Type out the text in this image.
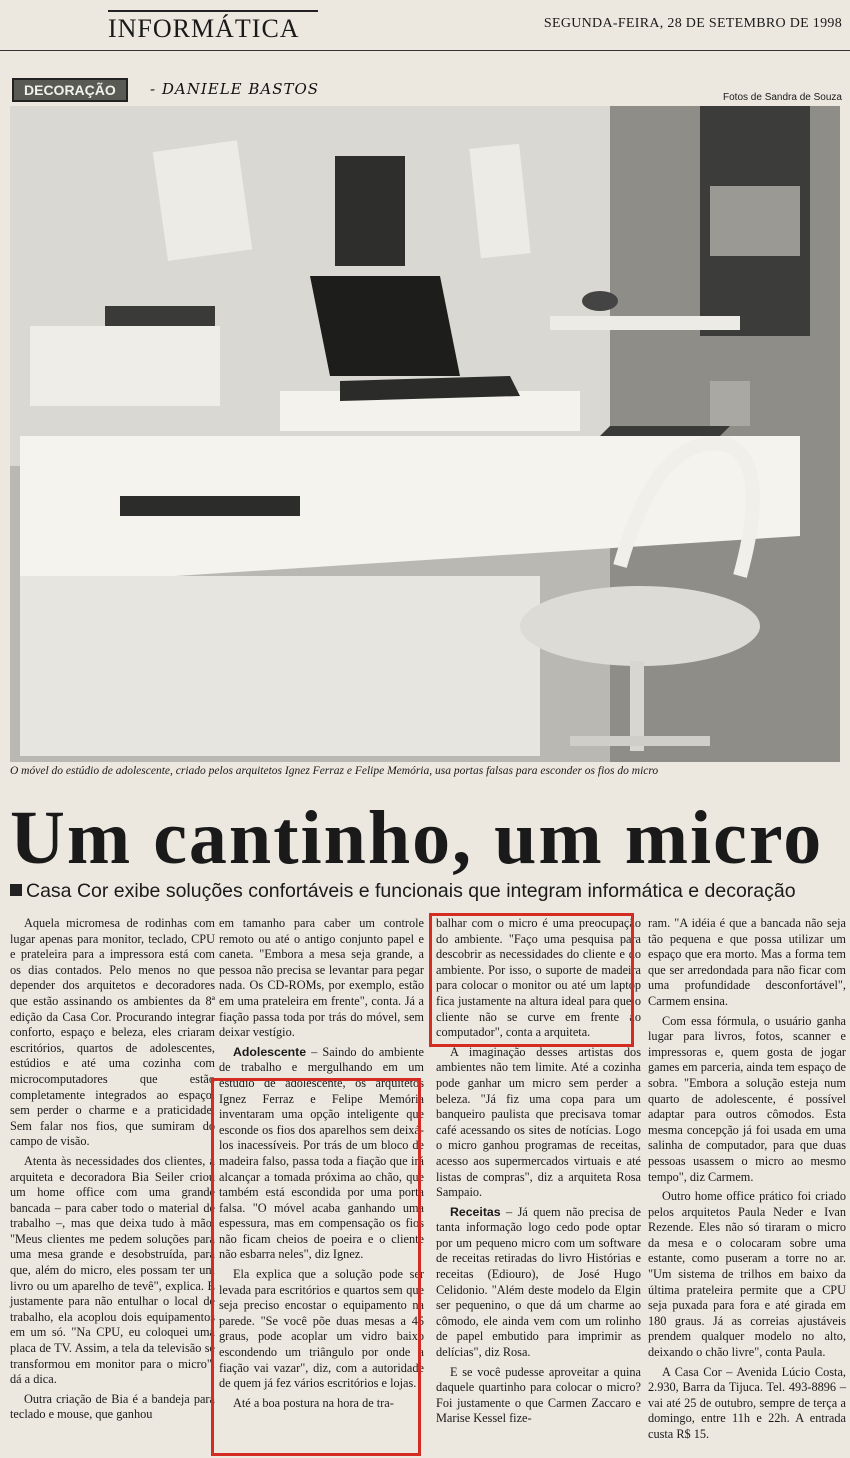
INFORMÁTICA	SEGUNDA-FEIRA, 28 DE SETEMBRO DE 1998
DECORAÇÃO	- DANIELE BASTOS	Fotos de Sandra de Souza
O móvel do estúdio de adolescente, criado pelos arquitetos Ignez Ferraz e Felipe Memória, usa portas falsas para esconder os fios do micro
Um cantinho, um micro
Casa Cor exibe soluções confortáveis e funcionais que integram informática e decoração

Aquela micromesa de rodinhas com lugar apenas para monitor, teclado, CPU e prateleira para a impressora está com os dias contados. Pelo menos no que depender dos arquitetos e decoradores que estão assinando os ambientes da 8ª edição da Casa Cor. Procurando integrar conforto, espaço e beleza, eles criaram escritórios, quartos de adolescentes, estúdios e até uma cozinha com microcomputadores que estão completamente integrados ao espaço, sem perder o charme e a praticidade. Sem falar nos fios, que sumiram do campo de visão.

Atenta às necessidades dos clientes, a arquiteta e decoradora Bia Seiler criou um home office com uma grande bancada – para caber todo o material de trabalho –, mas que deixa tudo à mão. "Meus clientes me pedem soluções para uma mesa grande e desobstruída, para que, além do micro, eles possam ter um livro ou um aparelho de tevê", explica. E justamente para não entulhar o local de trabalho, ela acoplou dois equipamentos em um só. "Na CPU, eu coloquei uma placa de TV. Assim, a tela da televisão se transformou em monitor para o micro", dá a dica.

Outra criação de Bia é a bandeja para teclado e mouse, que ganhou

em tamanho para caber um controle remoto ou até o antigo conjunto papel e caneta. "Embora a mesa seja grande, a pessoa não precisa se levantar para pegar nada. Os CD-ROMs, por exemplo, estão em uma prateleira em frente", conta. Já a fiação passa toda por trás do móvel, sem deixar vestígio.

Adolescente – Saindo do ambiente de trabalho e mergulhando em um estúdio de adolescente, os arquitetos Ignez Ferraz e Felipe Memória inventaram uma opção inteligente que esconde os fios dos aparelhos sem deixá-los inacessíveis. Por trás de um bloco de madeira falso, passa toda a fiação que irá alcançar a tomada próxima ao chão, que também está escondida por uma porta falsa. "O móvel acaba ganhando uma espessura, mas em compensação os fios não ficam cheios de poeira e o cliente não esbarra neles", diz Ignez.

Ela explica que a solução pode ser levada para escritórios e quartos sem que seja preciso encostar o equipamento na parede. "Se você põe duas mesas a 45 graus, pode acoplar um vidro baixo escondendo um triângulo por onde a fiação vai vazar", diz, com a autoridade de quem já fez vários escritórios e lojas.

Até a boa postura na hora de tra-

balhar com o micro é uma preocupação do ambiente. "Faço uma pesquisa para descobrir as necessidades do cliente e do ambiente. Por isso, o suporte de madeira para colocar o monitor ou até um laptop fica justamente na altura ideal para que o cliente não se curve em frente ao computador", conta a arquiteta.

A imaginação desses artistas dos ambientes não tem limite. Até a cozinha pode ganhar um micro sem perder a beleza. "Já fiz uma copa para um banqueiro paulista que precisava tomar café acessando os sites de notícias. Logo o micro ganhou programas de receitas, acesso aos supermercados virtuais e até listas de compras", diz a arquiteta Rosa Sampaio.

Receitas – Já quem não precisa de tanta informação logo cedo pode optar por um pequeno micro com um software de receitas retiradas do livro Histórias e receitas (Ediouro), de José Hugo Celidonio. "Além deste modelo da Elgin ser pequenino, o que dá um charme ao cômodo, ele ainda vem com um rolinho de papel embutido para imprimir as delícias", diz Rosa.

E se você pudesse aproveitar a quina daquele quartinho para colocar o micro? Foi justamente o que Carmen Zaccaro e Marise Kessel fize-

ram. "A idéia é que a bancada não seja tão pequena e que possa utilizar um espaço que era morto. Mas a forma tem que ser arredondada para não ficar com uma profundidade desconfortável", Carmem ensina.

Com essa fórmula, o usuário ganha lugar para livros, fotos, scanner e impressoras e, quem gosta de jogar games em parceria, ainda tem espaço de sobra. "Embora a solução esteja num quarto de adolescente, é possível adaptar para outros cômodos. Esta mesma concepção já foi usada em uma salinha de computador, para que duas pessoas usassem o micro ao mesmo tempo", diz Carmem.

Outro home office prático foi criado pelos arquitetos Paula Neder e Ivan Rezende. Eles não só tiraram o micro da mesa e o colocaram sobre uma estante, como puseram a torre no ar. "Um sistema de trilhos em baixo da última prateleira permite que a CPU seja puxada para fora e até girada em 180 graus. Já as correias ajustáveis prendem qualquer modelo no alto, deixando o chão livre", conta Paula.

A Casa Cor – Avenida Lúcio Costa, 2.930, Barra da Tijuca. Tel. 493-8896 – vai até 25 de outubro, sempre de terça a domingo, entre 11h e 22h. A entrada custa R$ 15.
